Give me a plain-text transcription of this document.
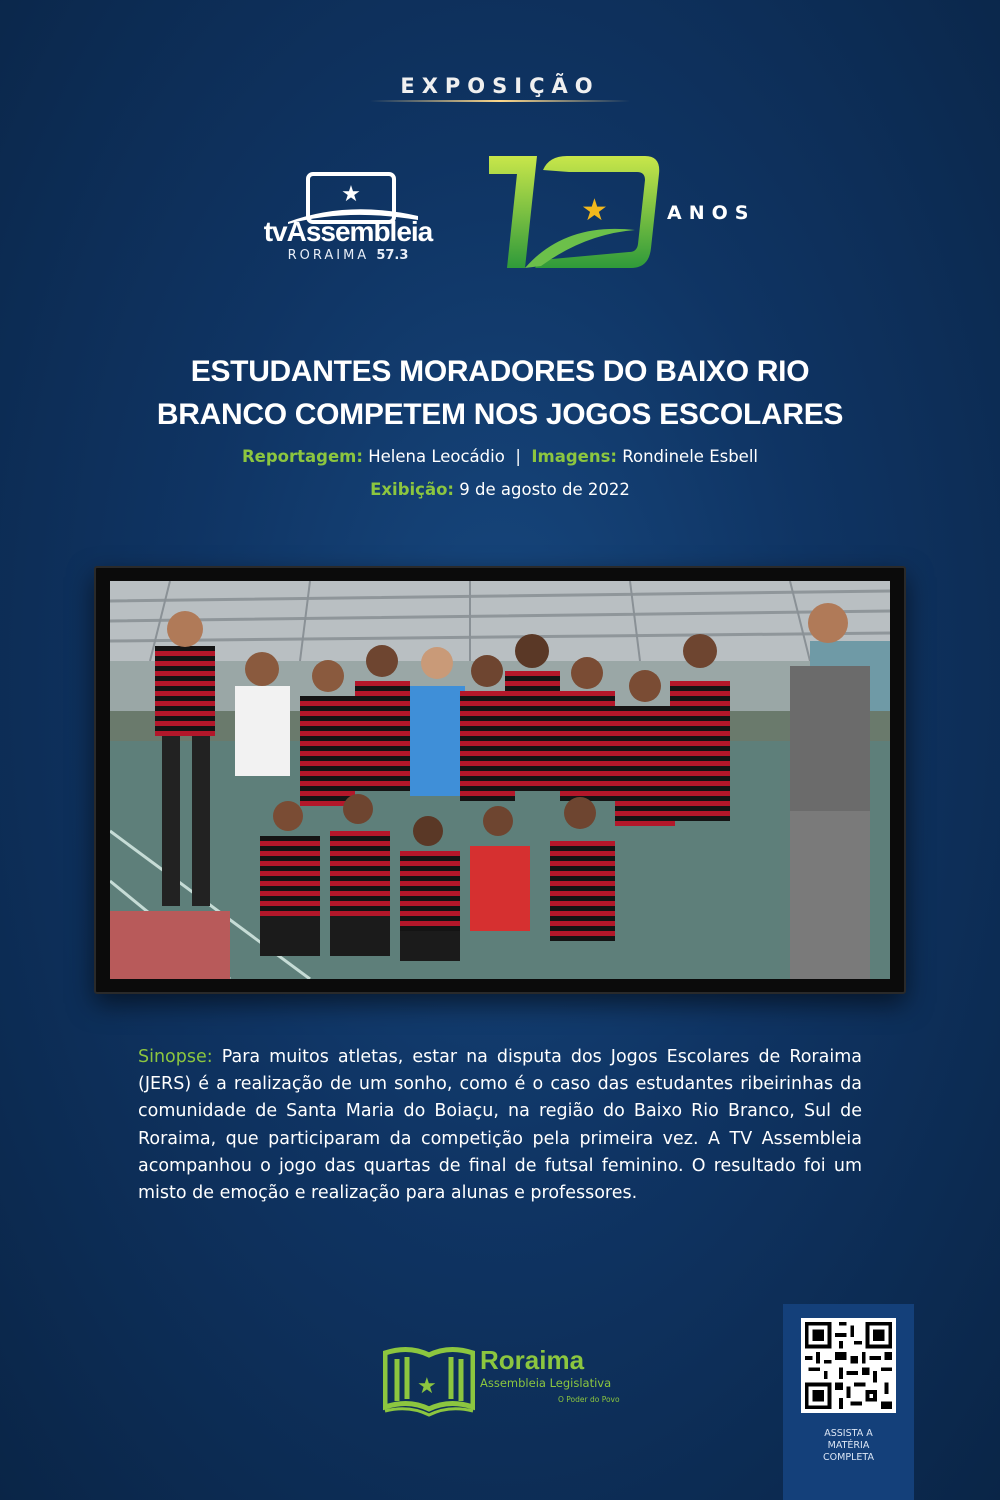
EXPOSIÇÃO
★
tvAssembleia
RORAIMA 57.3
★	ANOS
ESTUDANTES MORADORES DO BAIXO RIO
BRANCO COMPETEM NOS JOGOS ESCOLARES
Reportagem: Helena Leocádio | Imagens: Rondinele Esbell
Exibição: 9 de agosto de 2022
Sinopse: Para muitos atletas, estar na disputa dos Jogos Escolares de Roraima (JERS) é a realização de um sonho, como é o caso das estudantes ribeirinhas da comunidade de Santa Maria do Boiaçu, na região do Baixo Rio Branco, Sul de Roraima, que participaram da competição pela primeira vez. A TV Assembleia acompanhou o jogo das quartas de final de futsal feminino. O resultado foi um misto de emoção e realização para alunas e professores.
★
Roraima
Assembleia Legislativa
O Poder do Povo
ASSISTA A
MATÉRIA
COMPLETA
